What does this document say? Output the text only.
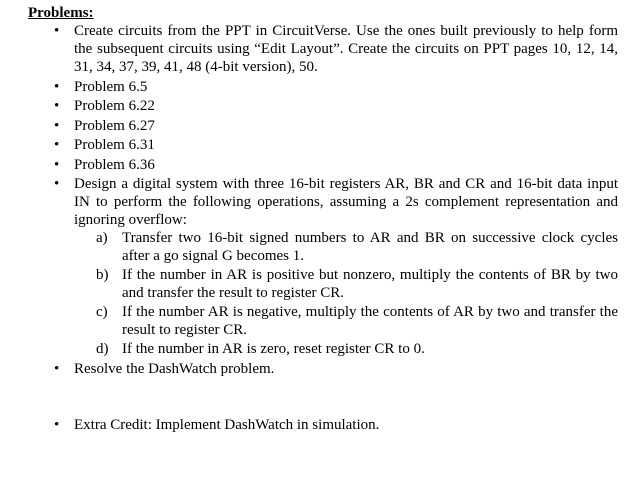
Problems:
• Create circuits from the PPT in CircuitVerse. Use the ones built previously to help form the subsequent circuits using “Edit Layout”. Create the circuits on PPT pages 10, 12, 14, 31, 34, 37, 39, 41, 48 (4-bit version), 50.
• Problem 6.5
• Problem 6.22
• Problem 6.27
• Problem 6.31
• Problem 6.36
• Design a digital system with three 16-bit registers AR, BR and CR and 16-bit data input IN to perform the following operations, assuming a 2s complement representation and ignoring overflow:
a) Transfer two 16-bit signed numbers to AR and BR on successive clock cycles after a go signal G becomes 1.
b) If the number in AR is positive but nonzero, multiply the contents of BR by two and transfer the result to register CR.
c) If the number AR is negative, multiply the contents of AR by two and transfer the result to register CR.
d) If the number in AR is zero, reset register CR to 0.
• Resolve the DashWatch problem.
• Extra Credit: Implement DashWatch in simulation.
